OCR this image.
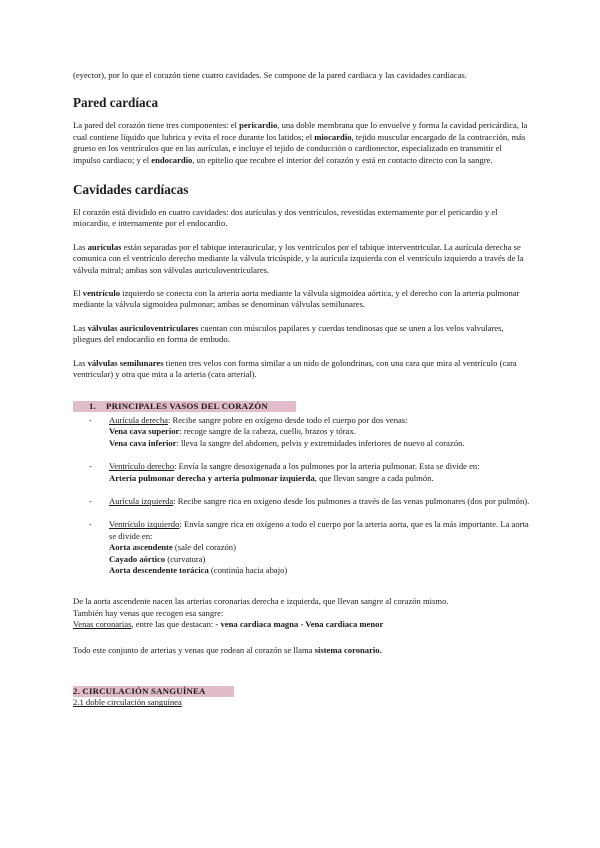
(eyector), por lo que el corazón tiene cuatro cavidades. Se compone de la pared cardiaca y las cavidades cardiacas.

Pared cardíaca

La pared del corazón tiene tres componentes: el pericardio, una doble membrana que lo envuelve y forma la cavidad pericárdica, la cual contiene líquido que lubrica y evita el roce durante los latidos; el miocardio, tejido muscular encargado de la contracción, más grueso en los ventrículos que en las aurículas, e incluye el tejido de conducción o cardionector, especializado en transmitir el impulso cardiaco; y el endocardio, un epitelio que recubre el interior del corazón y está en contacto directo con la sangre.

Cavidades cardíacas

El corazón está dividido en cuatro cavidades: dos aurículas y dos ventrículos, revestidas externamente por el pericardio y el miocardio, e internamente por el endocardio.

Las aurículas están separadas por el tabique interauricular, y los ventrículos por el tabique interventricular. La aurícula derecha se comunica con el ventrículo derecho mediante la válvula tricúspide, y la aurícula izquierda con el ventrículo izquierdo a través de la válvula mitral; ambas son válvulas auriculoventriculares.

El ventrículo izquierdo se conecta con la arteria aorta mediante la válvula sigmoidea aórtica, y el derecho con la arteria pulmonar mediante la válvula sigmoidea pulmonar; ambas se denominan válvulas semilunares.

Las válvulas auriculoventriculares cuentan con músculos papilares y cuerdas tendinosas que se unen a los velos valvulares, pliegues del endocardio en forma de embudo.

Las válvulas semilunares tienen tres velos con forma similar a un nido de golondrinas, con una cara que mira al ventrículo (cara ventricular) y otra que mira a la arteria (cara arterial).

1. PRINCIPALES VASOS DEL CORAZÓN
-	Aurícula derecha: Recibe sangre pobre en oxígeno desde todo el cuerpo por dos venas:
Vena cava superior: recoge sangre de la cabeza, cuello, brazos y tórax.
Vena cava inferior: lleva la sangre del abdomen, pelvis y extremidades inferiores de nuevo al corazón.
-	Ventrículo derecho: Envía la sangre desoxigenada a los pulmones por la arteria pulmonar. Esta se divide en:
Arteria pulmonar derecha y arteria pulmonar izquierda, que llevan sangre a cada pulmón.
-	Aurícula izquierda: Recibe sangre rica en oxígeno desde los pulmones a través de las venas pulmonares (dos por pulmón).
-	Ventrículo izquierdo: Envía sangre rica en oxígeno a todo el cuerpo por la arteria aorta, que es la más importante. La aorta se divide en:
Aorta ascendente (sale del corazón)
Cayado aórtico (curvatura)
Aorta descendente torácica (continúa hacia abajo)

De la aorta ascendente nacen las arterias coronarias derecha e izquierda, que llevan sangre al corazón mismo.
También hay venas que recogen esa sangre:
Venas coronarias, entre las que destacan: - vena cardiaca magna - Vena cardiaca menor

Todo este conjunto de arterias y venas que rodean al corazón se llama sistema coronario.

2. CIRCULACIÓN SANGUÍNEA
2.1 doble circulación sanguínea
